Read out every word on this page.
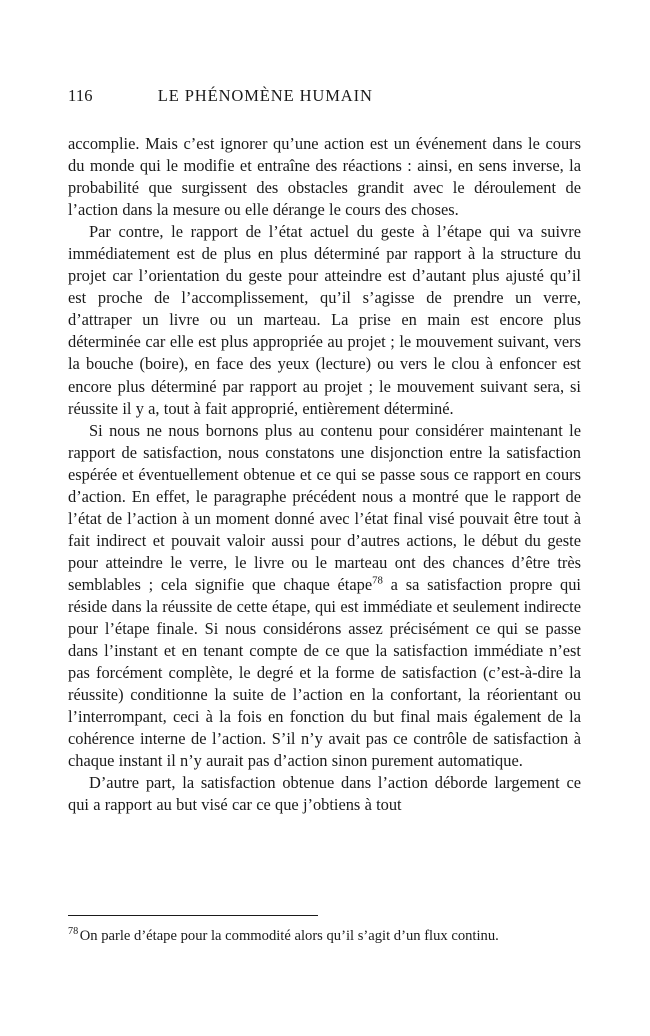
116	LE PHÉNOMÈNE HUMAIN

accomplie. Mais c’est ignorer qu’une action est un événement dans le cours du monde qui le modifie et entraîne des réactions : ainsi, en sens inverse, la probabilité que surgissent des obstacles grandit avec le déroulement de l’action dans la mesure ou elle dérange le cours des choses.

Par contre, le rapport de l’état actuel du geste à l’étape qui va suivre immédiatement est de plus en plus déterminé par rapport à la structure du projet car l’orientation du geste pour atteindre est d’autant plus ajusté qu’il est proche de l’accomplissement, qu’il s’agisse de prendre un verre, d’attraper un livre ou un marteau. La prise en main est encore plus déterminée car elle est plus appropriée au projet ; le mouvement suivant, vers la bouche (boire), en face des yeux (lecture) ou vers le clou à enfoncer est encore plus déterminé par rapport au projet ; le mouvement suivant sera, si réussite il y a, tout à fait approprié, entièrement déterminé.

Si nous ne nous bornons plus au contenu pour considérer maintenant le rapport de satisfaction, nous constatons une disjonction entre la satisfaction espérée et éventuellement obtenue et ce qui se passe sous ce rapport en cours d’action. En effet, le paragraphe précédent nous a montré que le rapport de l’état de l’action à un moment donné avec l’état final visé pouvait être tout à fait indirect et pouvait valoir aussi pour d’autres actions, le début du geste pour atteindre le verre, le livre ou le marteau ont des chances d’être très semblables ; cela signifie que chaque étape$^{78}$ a sa satisfaction propre qui réside dans la réussite de cette étape, qui est immédiate et seulement indirecte pour l’étape finale. Si nous considérons assez précisément ce qui se passe dans l’instant et en tenant compte de ce que la satisfaction immédiate n’est pas forcément complète, le degré et la forme de satisfaction (c’est-à-dire la réussite) conditionne la suite de l’action en la confortant, la réorientant ou l’interrompant, ceci à la fois en fonction du but final mais également de la cohérence interne de l’action. S’il n’y avait pas ce contrôle de satisfaction à chaque instant il n’y aurait pas d’action sinon purement automatique.

D’autre part, la satisfaction obtenue dans l’action déborde largement ce qui a rapport au but visé car ce que j’obtiens à tout

$^{78}$ On parle d’étape pour la commodité alors qu’il s’agit d’un flux continu.
